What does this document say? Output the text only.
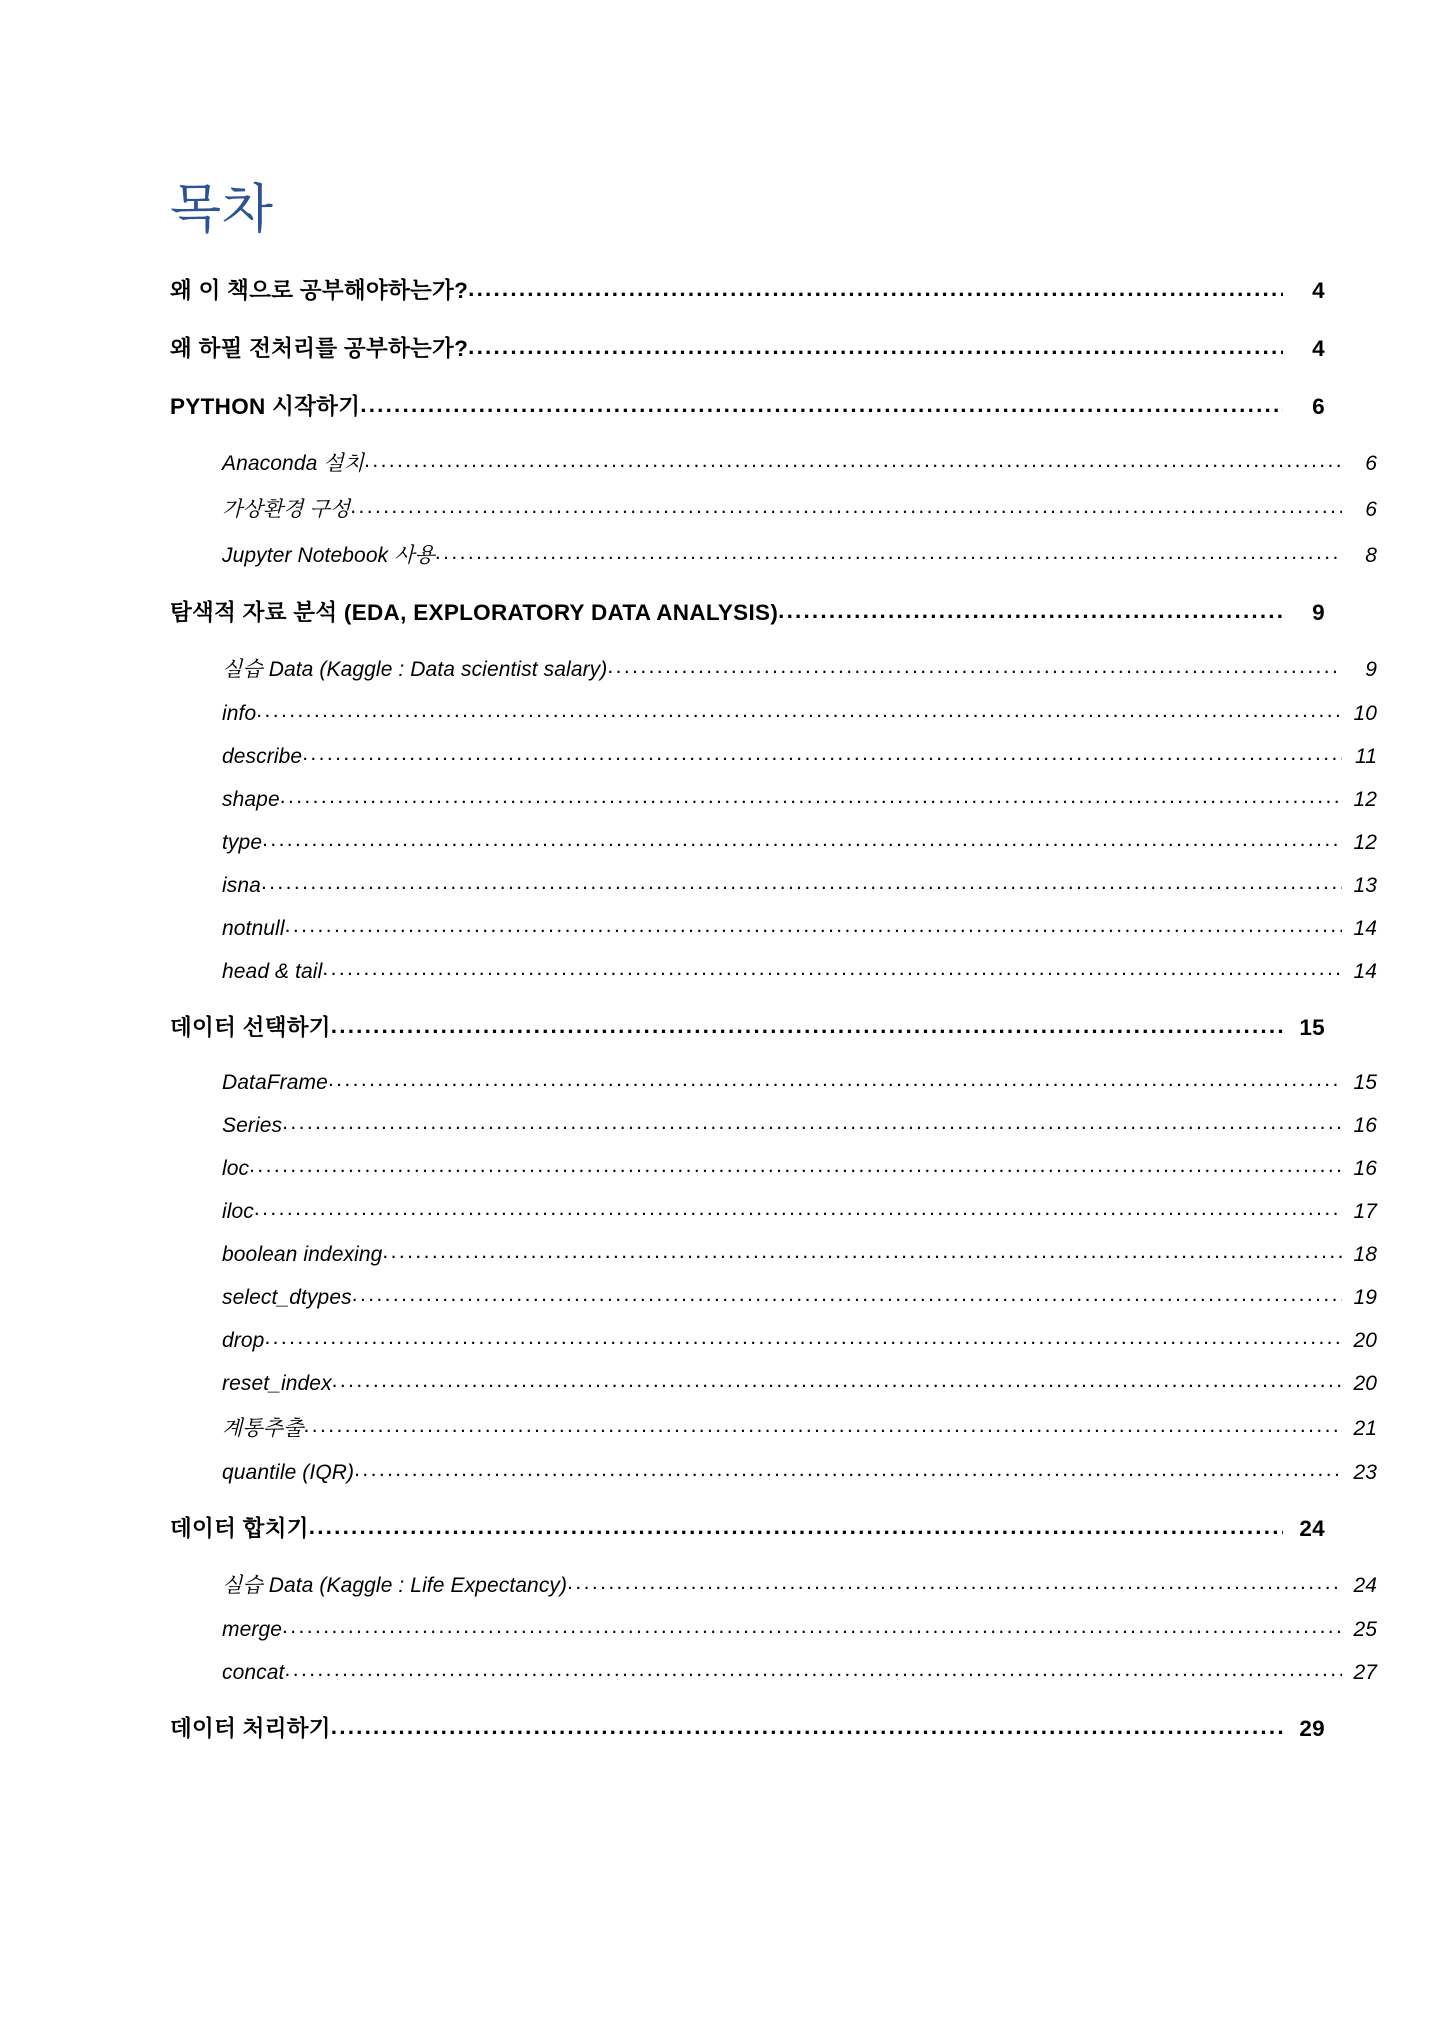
목차
왜 이 책으로 공부해야하는가? .....	4
왜 하필 전처리를 공부하는가? .....	4
PYTHON 시작하기 .....	6
Anaconda 설치 .....	6
가상환경 구성 .....	6
Jupyter Notebook 사용 .....	8
탐색적 자료 분석 (EDA, EXPLORATORY DATA ANALYSIS) .....	9
실습 Data (Kaggle : Data scientist salary) .....	9
info .....	10
describe .....	11
shape .....	12
type .....	12
isna .....	13
notnull .....	14
head & tail .....	14
데이터 선택하기 .....	15
DataFrame .....	15
Series .....	16
loc .....	16
iloc .....	17
boolean indexing .....	18
select_dtypes .....	19
drop .....	20
reset_index .....	20
계통추출 .....	21
quantile (IQR) .....	23
데이터 합치기 .....	24
실습 Data (Kaggle : Life Expectancy) .....	24
merge .....	25
concat .....	27
데이터 처리하기 .....	29
